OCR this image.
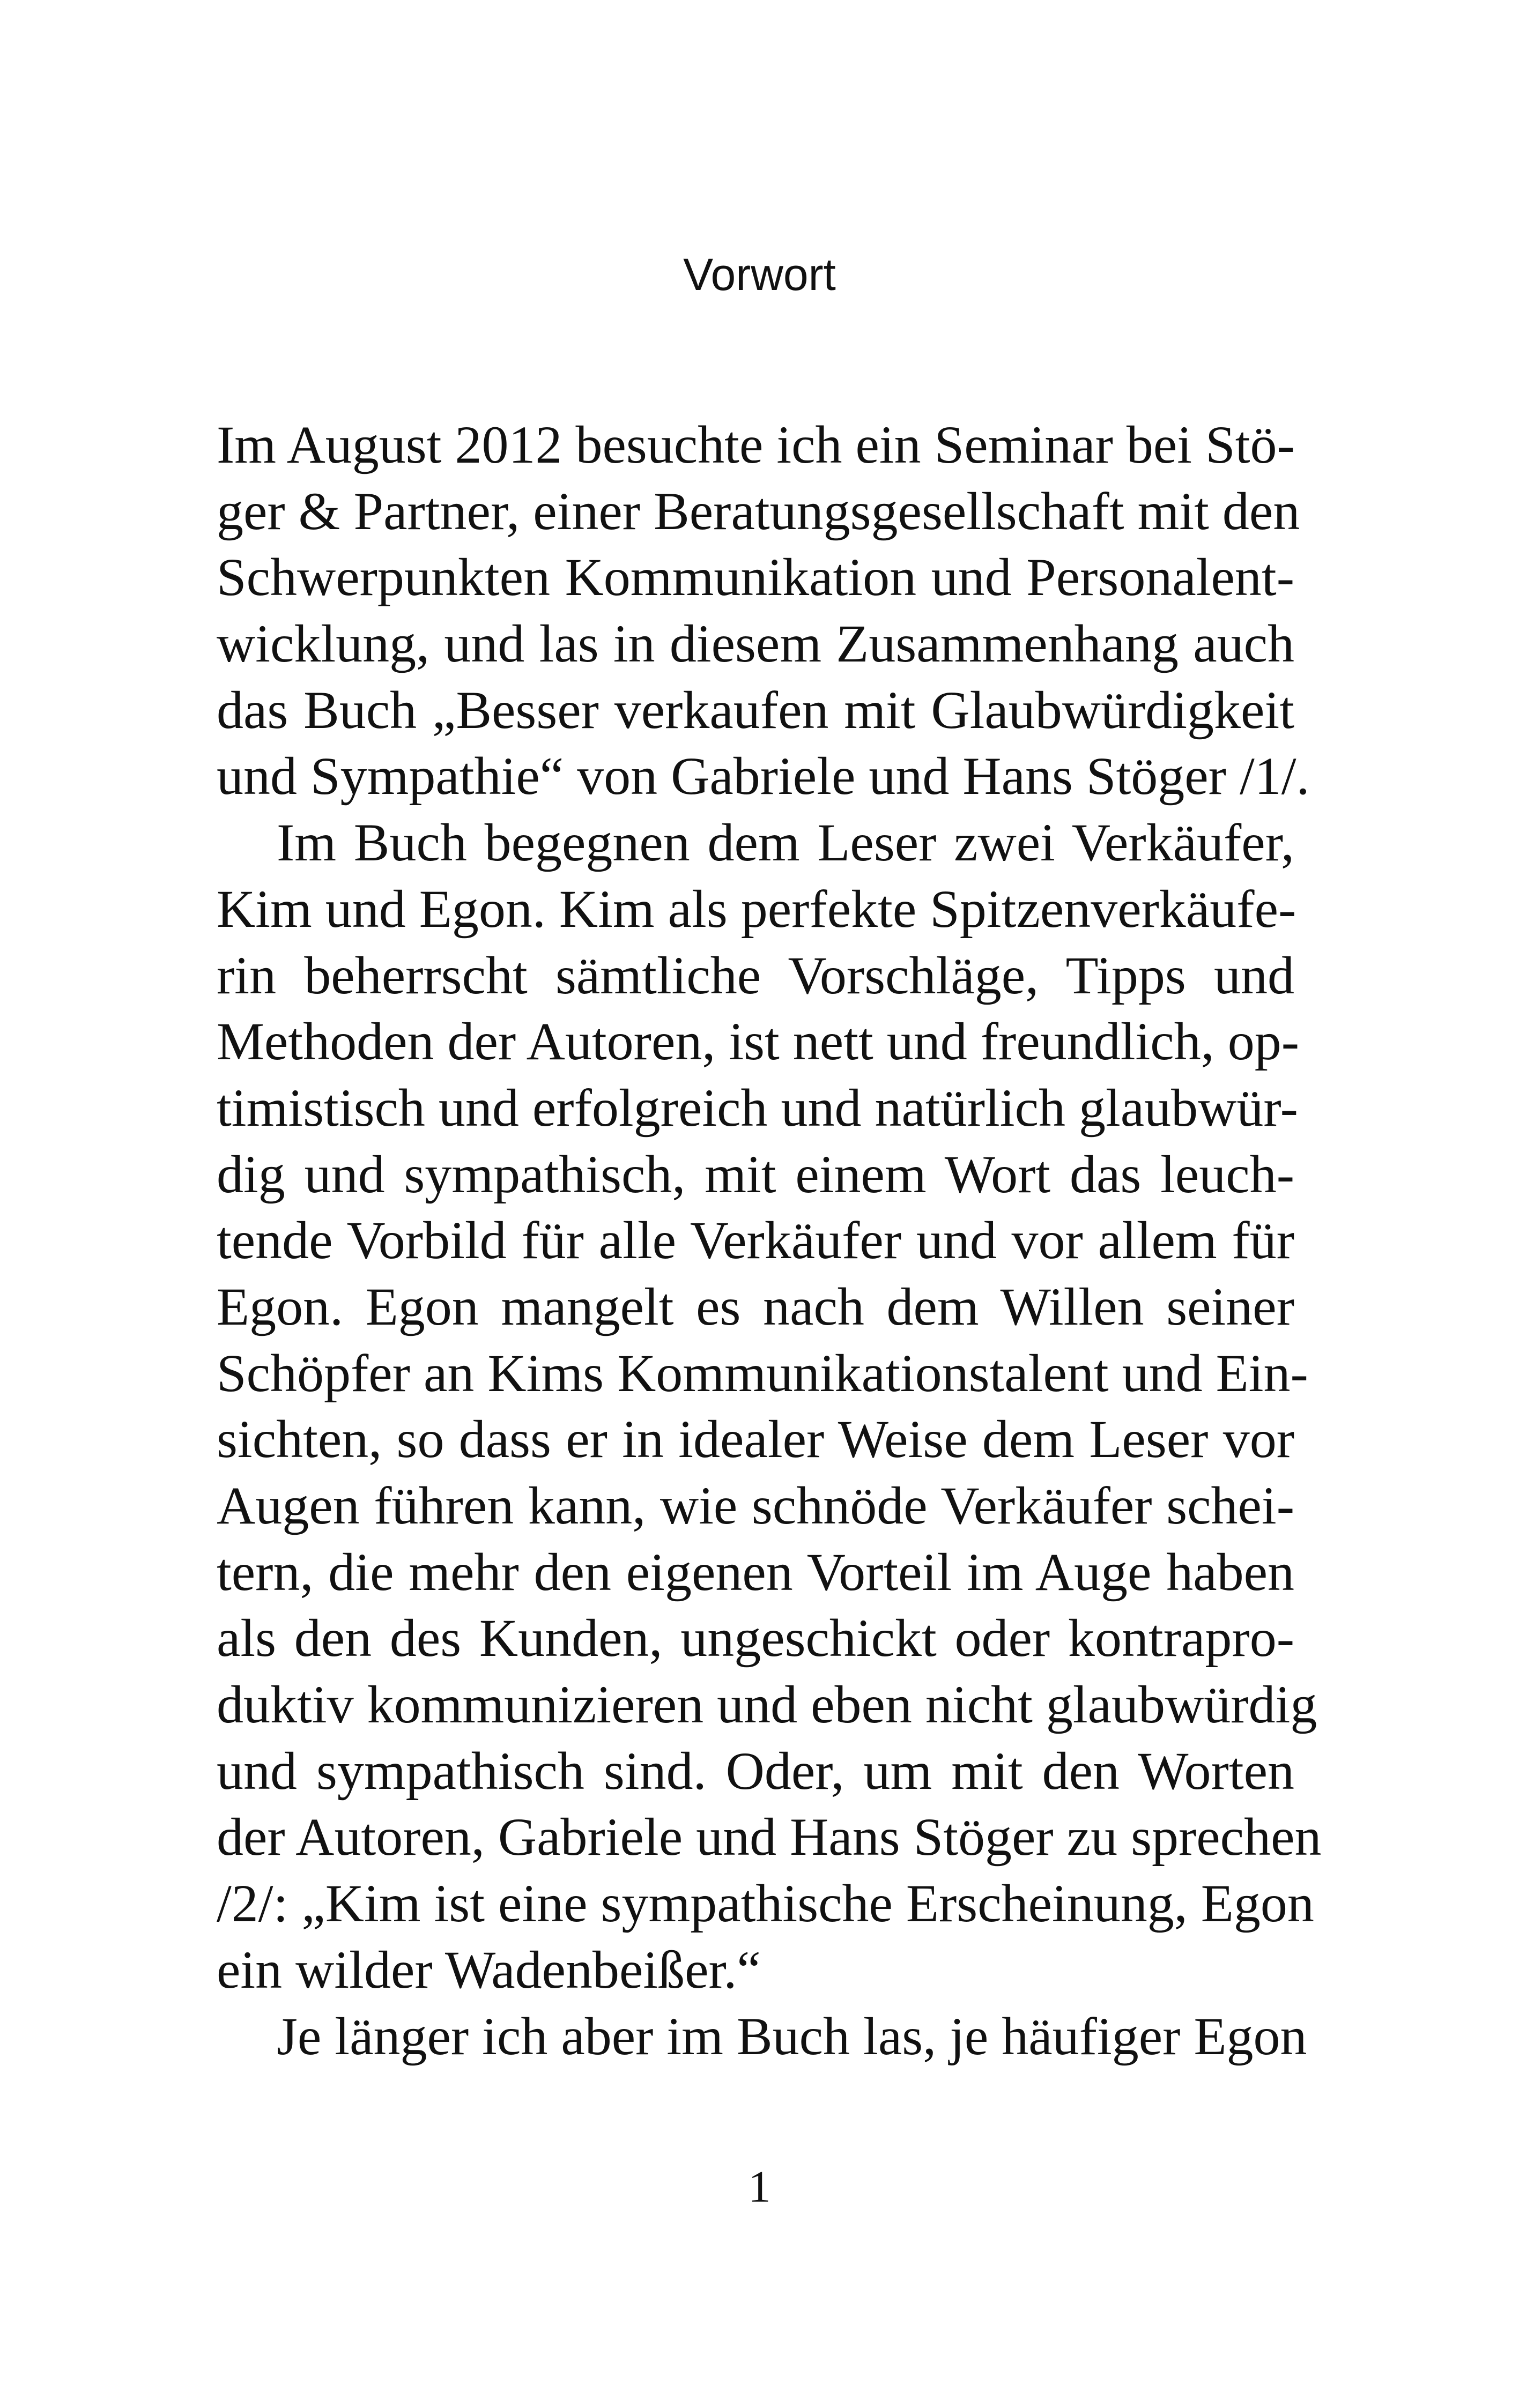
Vorwort
Im August 2012 besuchte ich ein Seminar bei Stö-
ger & Partner, einer Beratungsgesellschaft mit den
Schwerpunkten Kommunikation und Personalent-
wicklung, und las in diesem Zusammenhang auch
das Buch „Besser verkaufen mit Glaubwürdigkeit
und Sympathie“ von Gabriele und Hans Stöger /1/.
Im Buch begegnen dem Leser zwei Verkäufer,
Kim und Egon. Kim als perfekte Spitzenverkäufe-
rin beherrscht sämtliche Vorschläge, Tipps und
Methoden der Autoren, ist nett und freundlich, op-
timistisch und erfolgreich und natürlich glaubwür-
dig und sympathisch, mit einem Wort das leuch-
tende Vorbild für alle Verkäufer und vor allem für
Egon. Egon mangelt es nach dem Willen seiner
Schöpfer an Kims Kommunikationstalent und Ein-
sichten, so dass er in idealer Weise dem Leser vor
Augen führen kann, wie schnöde Verkäufer schei-
tern, die mehr den eigenen Vorteil im Auge haben
als den des Kunden, ungeschickt oder kontrapro-
duktiv kommunizieren und eben nicht glaubwürdig
und sympathisch sind. Oder, um mit den Worten
der Autoren, Gabriele und Hans Stöger zu sprechen
/2/: „Kim ist eine sympathische Erscheinung, Egon
ein wilder Wadenbeißer.“
Je länger ich aber im Buch las, je häufiger Egon
1
